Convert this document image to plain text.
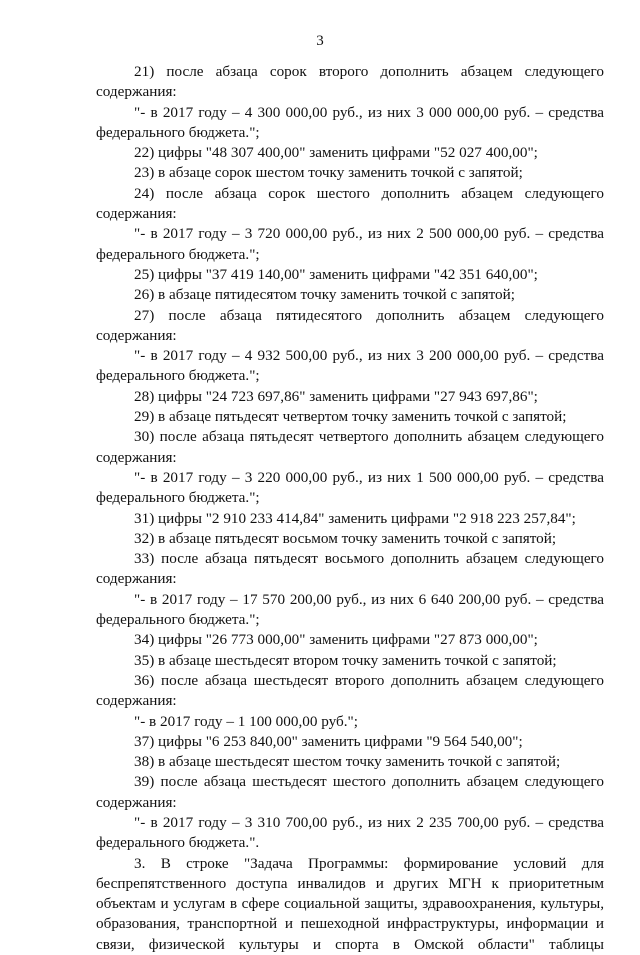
3

21) после абзаца сорок второго дополнить абзацем следующего содержания:

"- в 2017 году – 4 300 000,00 руб., из них 3 000 000,00 руб. – средства федерального бюджета.";

22) цифры "48 307 400,00" заменить цифрами "52 027 400,00";

23) в абзаце сорок шестом точку заменить точкой с запятой;

24) после абзаца сорок шестого дополнить абзацем следующего содержания:

"- в 2017 году – 3 720 000,00 руб., из них 2 500 000,00 руб. – средства федерального бюджета.";

25) цифры "37 419 140,00" заменить цифрами "42 351 640,00";

26) в абзаце пятидесятом точку заменить точкой с запятой;

27) после абзаца пятидесятого дополнить абзацем следующего содержания:

"- в 2017 году – 4 932 500,00 руб., из них 3 200 000,00 руб. – средства федерального бюджета.";

28) цифры "24 723 697,86" заменить цифрами "27 943 697,86";

29) в абзаце пятьдесят четвертом точку заменить точкой с запятой;

30) после абзаца пятьдесят четвертого дополнить абзацем следующего содержания:

"- в 2017 году – 3 220 000,00 руб., из них 1 500 000,00 руб. – средства федерального бюджета.";

31) цифры "2 910 233 414,84" заменить цифрами "2 918 223 257,84";

32) в абзаце пятьдесят восьмом точку заменить точкой с запятой;

33) после абзаца пятьдесят восьмого дополнить абзацем следующего содержания:

"- в 2017 году – 17 570 200,00 руб., из них 6 640 200,00 руб. – средства федерального бюджета.";

34) цифры "26 773 000,00" заменить цифрами "27 873 000,00";

35) в абзаце шестьдесят втором точку заменить точкой с запятой;

36) после абзаца шестьдесят второго дополнить абзацем следующего содержания:

"- в 2017 году – 1 100 000,00 руб.";

37) цифры "6 253 840,00" заменить цифрами "9 564 540,00";

38) в абзаце шестьдесят шестом точку заменить точкой с запятой;

39) после абзаца шестьдесят шестого дополнить абзацем следующего содержания:

"- в 2017 году – 3 310 700,00 руб., из них 2 235 700,00 руб. – средства федерального бюджета.".

3. В строке "Задача Программы: формирование условий для беспрепятственного доступа инвалидов и других МГН к приоритетным объектам и услугам в сфере социальной защиты, здравоохранения, культуры, образования, транспортной и пешеходной инфраструктуры, информации и связи, физической культуры и спорта в Омской области" таблицы
